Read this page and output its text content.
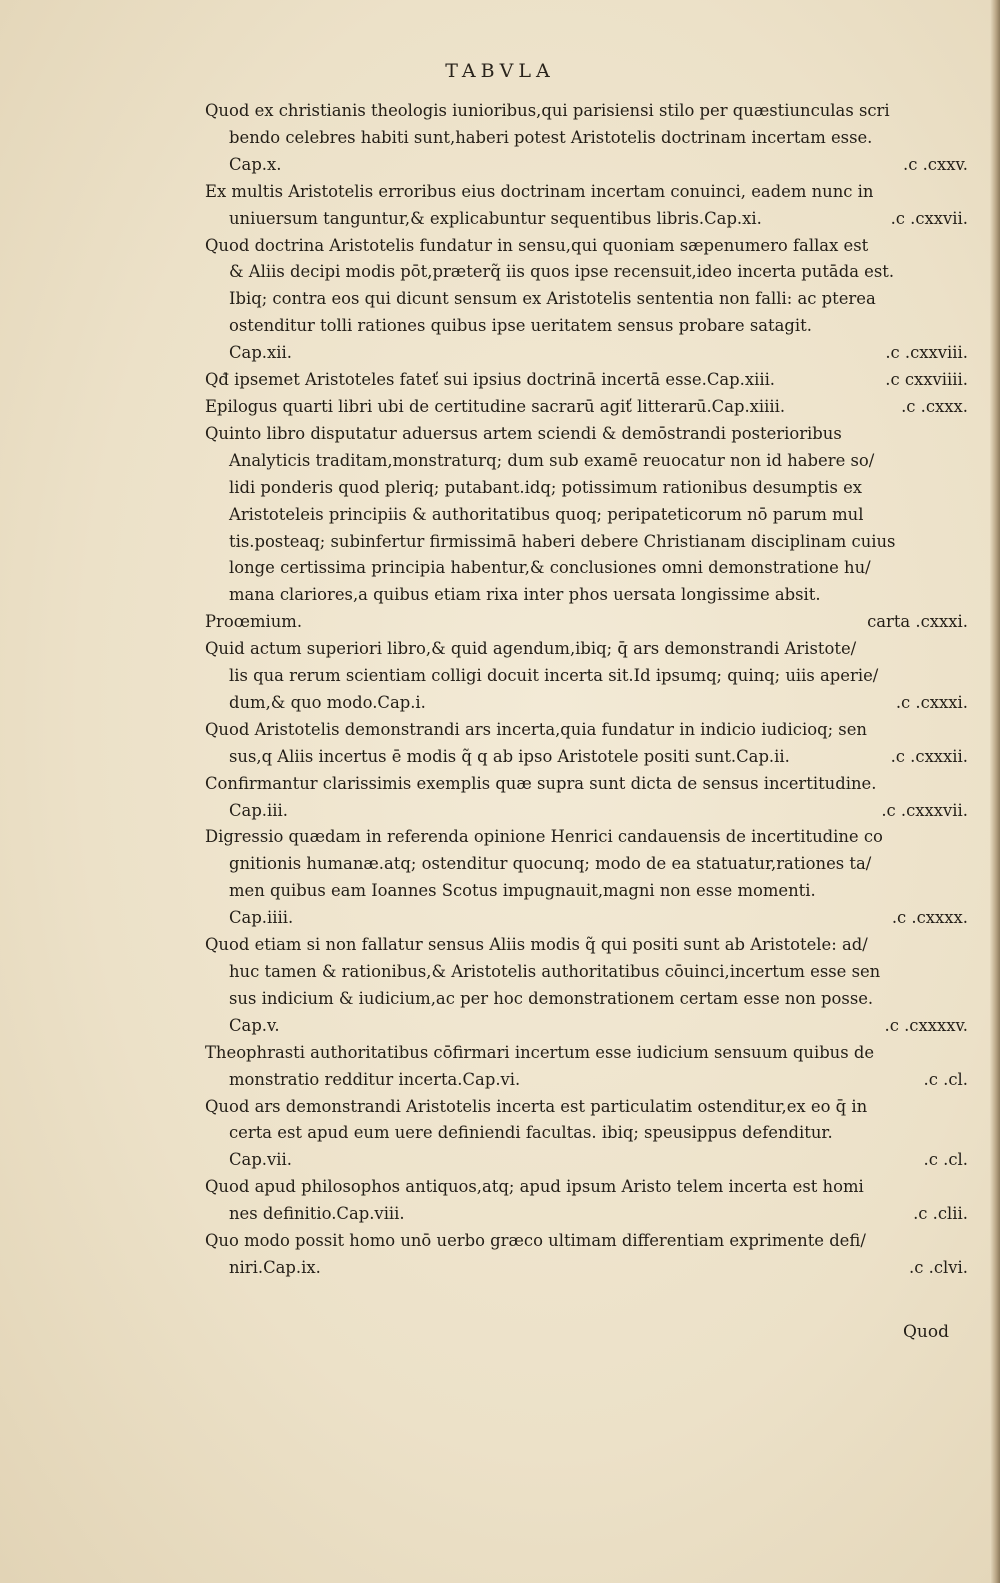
TABVLA
Quod ex christianis theologis iunioribus,qui parisiensi stilo per quæstiunculas scri
bendo celebres habiti sunt,haberi potest Aristotelis doctrinam incertam esse.
Cap.x.	.c .cxxv.
Ex multis Aristotelis erroribus eius doctrinam incertam conuinci, eadem nunc in
uniuersum tanguntur,& explicabuntur sequentibus libris.Cap.xi.	.c .cxxvii.
Quod doctrina Aristotelis fundatur in sensu,qui quoniam sæpenumero fallax est
& Aliis decipi modis pōt,præterq̃ iis quos ipse recensuit,ideo incerta putāda est.
Ibiq; contra eos qui dicunt sensum ex Aristotelis sententia non falli: ac pterea
ostenditur tolli rationes quibus ipse ueritatem sensus probare satagit.
Cap.xii.	.c .cxxviii.
Qđ ipsemet Aristoteles fateť sui ipsius doctrinā incertā esse.Cap.xiii.	.c cxxviiii.
Epilogus quarti libri ubi de certitudine sacrarū agiť litterarū.Cap.xiiii.	.c .cxxx.
Quinto libro disputatur aduersus artem sciendi & demōstrandi posterioribus
Analyticis traditam,monstraturq; dum sub examē reuocatur non id habere so/
lidi ponderis quod pleriq; putabant.idq; potissimum rationibus desumptis ex
Aristoteleis principiis & authoritatibus quoq; peripateticorum nō parum mul
tis.posteaq; subinfertur firmissimā haberi debere Christianam disciplinam cuius
longe certissima principia habentur,& conclusiones omni demonstratione hu/
mana clariores,a quibus etiam rixa inter phos uersata longissime absit.
Proœmium.	carta .cxxxi.
Quid actum superiori libro,& quid agendum,ibiq; q̄ ars demonstrandi Aristote/
lis qua rerum scientiam colligi docuit incerta sit.Id ipsumq; quinq; uiis aperie/
dum,& quo modo.Cap.i.	.c .cxxxi.
Quod Aristotelis demonstrandi ars incerta,quia fundatur in indicio iudicioq; sen
sus,q Aliis incertus ē modis q̃ q ab ipso Aristotele positi sunt.Cap.ii.	.c .cxxxii.
Confirmantur clarissimis exemplis quæ supra sunt dicta de sensus incertitudine.
Cap.iii.	.c .cxxxvii.
Digressio quædam in referenda opinione Henrici candauensis de incertitudine co
gnitionis humanæ.atq; ostenditur quocunq; modo de ea statuatur,rationes ta/
men quibus eam Ioannes Scotus impugnauit,magni non esse momenti.
Cap.iiii.	.c .cxxxx.
Quod etiam si non fallatur sensus Aliis modis q̃ qui positi sunt ab Aristotele: ad/
huc tamen & rationibus,& Aristotelis authoritatibus cōuinci,incertum esse sen
sus indicium & iudicium,ac per hoc demonstrationem certam esse non posse.
Cap.v.	.c .cxxxxv.
Theophrasti authoritatibus cōfirmari incertum esse iudicium sensuum quibus de
monstratio redditur incerta.Cap.vi.	.c .cl.
Quod ars demonstrandi Aristotelis incerta est particulatim ostenditur,ex eo q̄ in
certa est apud eum uere definiendi facultas. ibiq; speusippus defenditur.
Cap.vii.	.c .cl.
Quod apud philosophos antiquos,atq; apud ipsum Aristo telem incerta est homi
nes definitio.Cap.viii.	.c .clii.
Quo modo possit homo unō uerbo græco ultimam differentiam exprimente defi/
niri.Cap.ix.	.c .clvi.
Quod
